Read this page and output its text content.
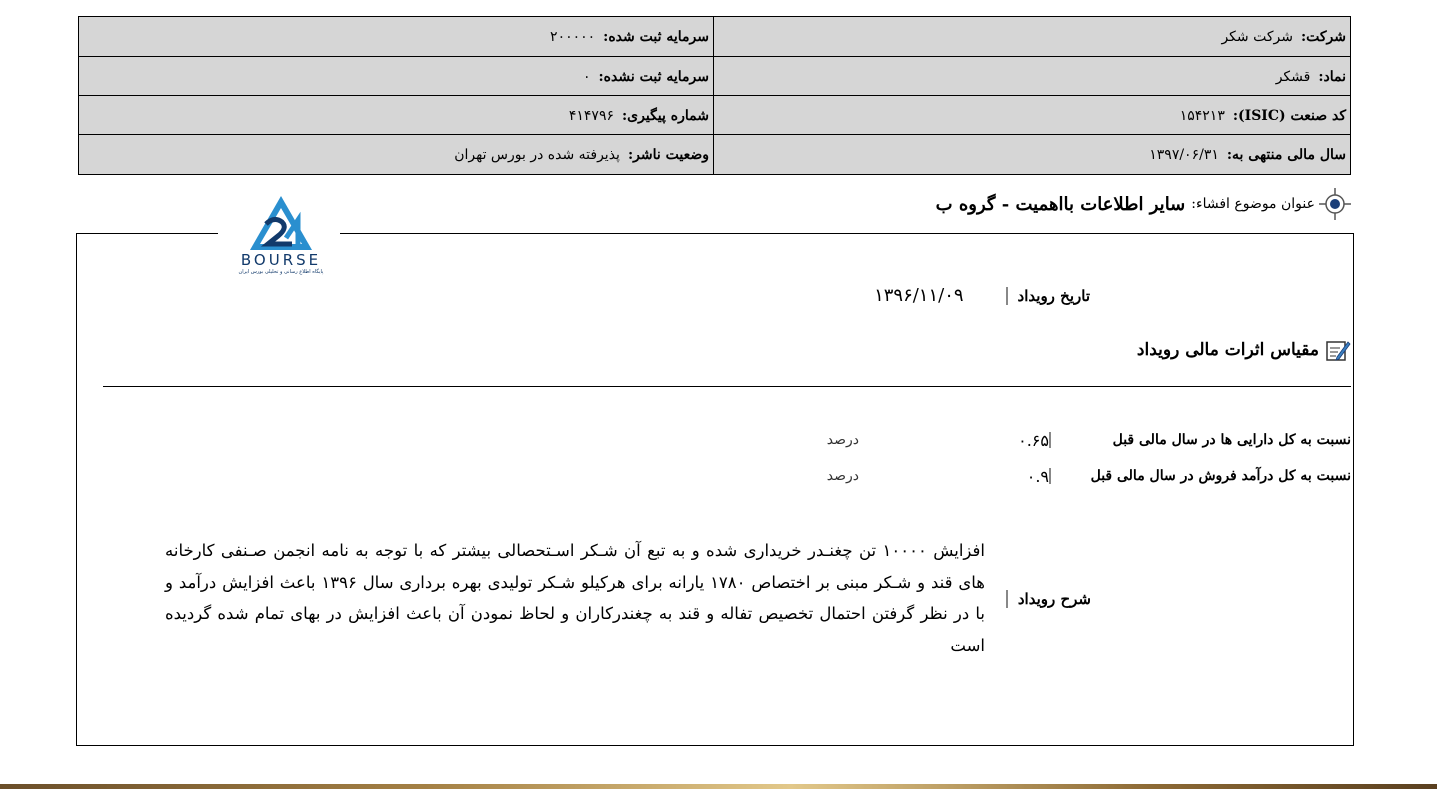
شرکت:
شرکت شکر
سرمایه ثبت شده:
۲۰۰۰۰۰
نماد:
قشکر
سرمایه ثبت نشده:
۰
کد صنعت (ISIC):
۱۵۴۲۱۳
شماره پیگیری:
۴۱۴۷۹۶
سال مالی منتهی به:
۱۳۹۷/۰۶/۳۱
وضعیت ناشر:
پذیرفته شده در بورس تهران
عنوان موضوع افشاء:
سایر اطلاعات بااهمیت - گروه ب
BOURSE
پایگاه اطلاع رسانی و تحلیلی بورس ایران
تاریخ رویداد
۱۳۹۶/۱۱/۰۹
مقیاس اثرات مالی رویداد
نسبت به کل دارایی ها در سال مالی قبل
۰.۶۵
درصد
نسبت به کل درآمد فروش در سال مالی قبل
۰.۹
درصد
شرح رویداد
افزایش ۱۰۰۰۰ تن چغنـدر خریداری شده و به تبع آن شـکر اسـتحصالی بیشتر که با توجه به نامه انجمن صـنفی کارخانه های قند و شـکر مبنی بر اختصاص ۱۷۸۰ یارانه برای هرکیلو شـکر تولیدی بهره برداری سال ۱۳۹۶ باعث افزایش درآمد و با در نظر گرفتن احتمال تخصیص تفاله و قند به چغندرکاران و لحاظ نمودن آن باعث افزایش در بهای تمام شده گردیده است
